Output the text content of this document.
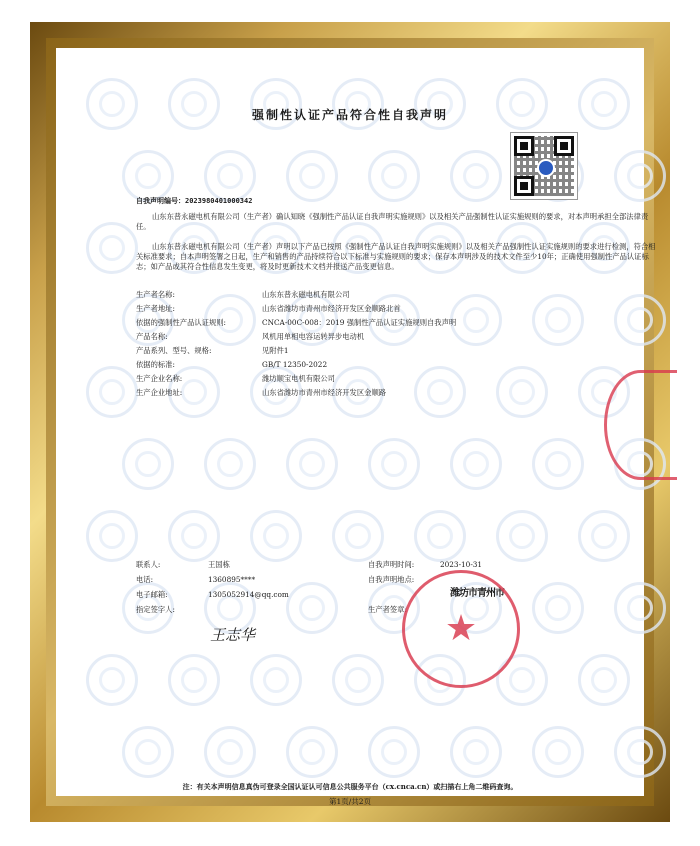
强制性认证产品符合性自我声明
自我声明编号：2023980401000342
山东东普永磁电机有限公司（生产者）确认知晓《强制性产品认证自我声明实施规则》以及相关产品强制性认证实施规则的要求，对本声明承担全部法律责任。
山东东普永磁电机有限公司（生产者）声明以下产品已按照《强制性产品认证自我声明实施规则》以及相关产品强制性认证实施规则的要求进行检测，符合相关标准要求；自本声明签署之日起，生产和销售的产品持续符合以下标准与实施规则的要求；保存本声明涉及的技术文件至少10年；正确使用强制性产品认证标志；如产品或其符合性信息发生变更，将及时更新技术文档并报送产品变更信息。
生产者名称:	山东东普永磁电机有限公司
生产者地址:	山东省潍坊市青州市经济开发区金顺路北首
依据的强制性产品认证规则:	CNCA-00C-008：2019 强制性产品认证实施规则自我声明
产品名称:	风机用单相电容运转异步电动机
产品系列、型号、规格:	见附件1
依据的标准:	GB/T 12350-2022
生产企业名称:	潍坊顺宝电机有限公司
生产企业地址:	山东省潍坊市青州市经济开发区金顺路
联系人:	王国栋
电话:	1360895****
电子邮箱:	1305052914@qq.com
指定签字人:
王志华
自我声明时间:	2023-10-31
自我声明地点:
潍坊市青州市
生产者签章: ★
注：有关本声明信息真伪可登录全国认证认可信息公共服务平台（cx.cnca.cn）或扫描右上角二维码查询。
第1页/共2页
